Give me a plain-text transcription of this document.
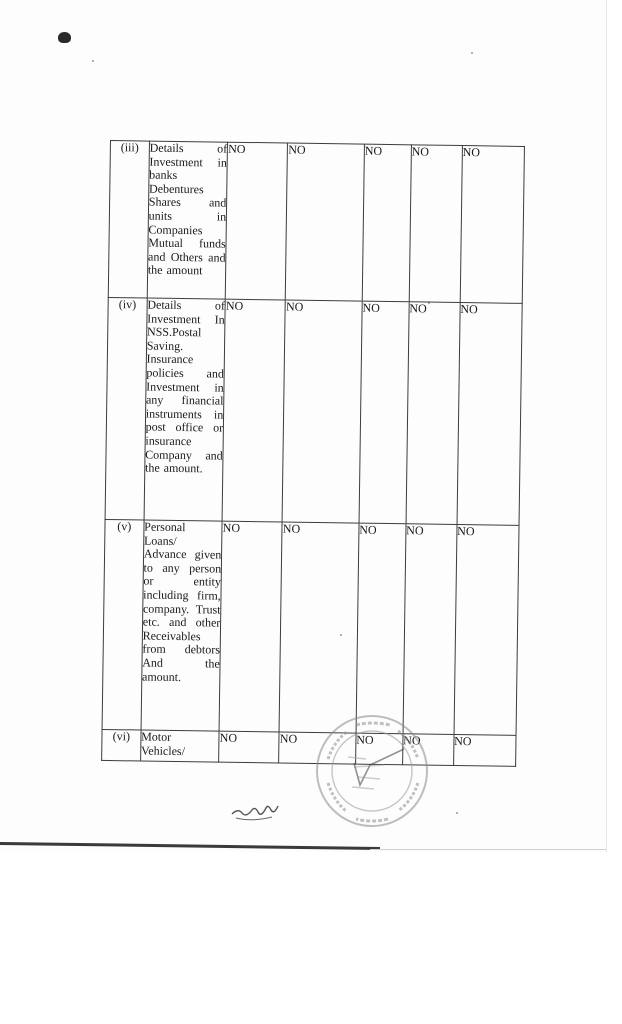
(iii)	Details of Investment in banks Debentures Shares and units in Companies Mutual funds and Others and the amount	NO	NO	NO	NO	NO
(iv)	Details of Investment In NSS.Postal Saving. Insurance policies and Investment in any financial instruments in post office or insurance Company and the amount.	NO	NO	NO	NO	NO
(v)	Personal Loans/ Advance given to any person or entity including firm, company. Trust etc. and other Receivables from debtors And the amount.	NO	NO	NO	NO	NO
(vi)	Motor Vehicles/	NO	NO	NO	NO	NO
